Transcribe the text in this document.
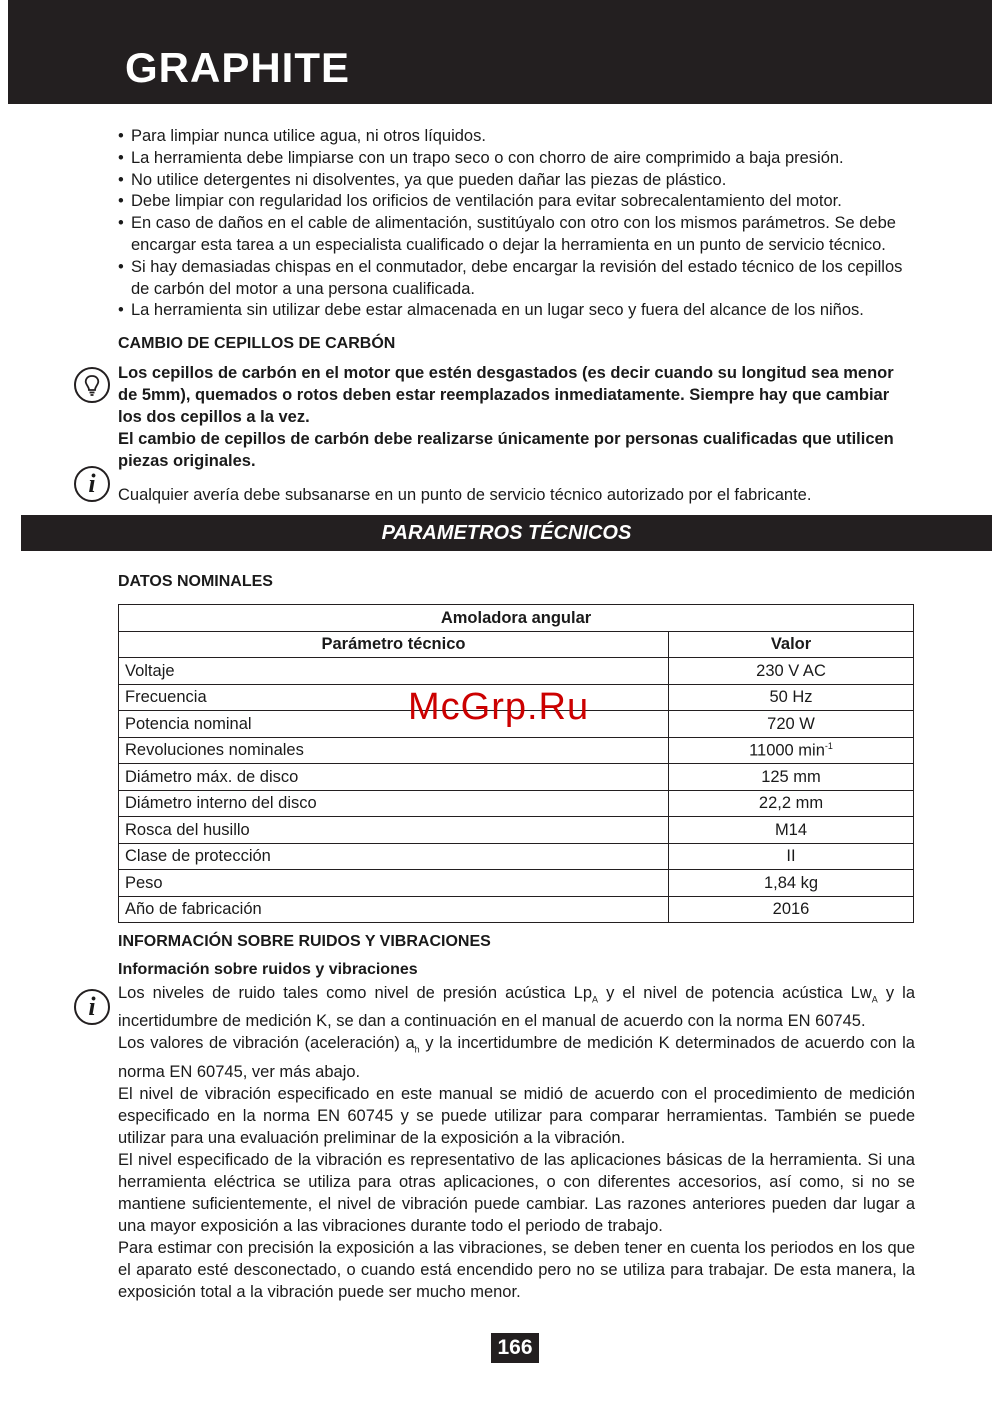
GRAPHITE
• Para limpiar nunca utilice agua, ni otros líquidos.
• La herramienta debe limpiarse con un trapo seco o con chorro de aire comprimido a baja presión.
• No utilice detergentes ni disolventes, ya que pueden dañar las piezas de plástico.
• Debe limpiar con regularidad los orificios de ventilación para evitar sobrecalentamiento del motor.
• En caso de daños en el cable de alimentación, sustitúyalo con otro con los mismos parámetros. Se debe encargar esta tarea a un especialista cualificado o dejar la herramienta en un punto de servicio técnico.
• Si hay demasiadas chispas en el conmutador, debe encargar la revisión del estado técnico de los cepillos de carbón del motor a una persona cualificada.
• La herramienta sin utilizar debe estar almacenada en un lugar seco y fuera del alcance de los niños.
CAMBIO DE CEPILLOS DE CARBÓN
Los cepillos de carbón en el motor que estén desgastados (es decir cuando su longitud sea menor de 5mm), quemados o rotos deben estar reemplazados inmediatamente. Siempre hay que cambiar los dos cepillos a la vez.
El cambio de cepillos de carbón debe realizarse únicamente por personas cualificadas que utilicen piezas originales.
i Cualquier avería debe subsanarse en un punto de servicio técnico autorizado por el fabricante.
PARAMETROS TÉCNICOS
DATOS NOMINALES
Amoladora angular	
Parámetro técnico	Valor
Voltaje	230 V AC
Frecuencia	50 Hz
Potencia nominal	720 W
Revoluciones nominales	11000 $\min^{-1}$
Diámetro máx. de disco	125 mm
Diámetro interno del disco	22,2 mm
Rosca del husillo	M14
Clase de protección	II
Peso	1,84 kg
Año de fabricación	2016
McGrp.Ru
INFORMACIÓN SOBRE RUIDOS Y VIBRACIONES
Información sobre ruidos y vibraciones
i Los niveles de ruido tales como nivel de presión acústica $Lp_A$ y el nivel de potencia acústica $Lw_A$ y la incertidumbre de medición K, se dan a continuación en el manual de acuerdo con la norma EN 60745.
Los valores de vibración (aceleración) $a_h$ y la incertidumbre de medición K determinados de acuerdo con la norma EN 60745, ver más abajo.
El nivel de vibración especificado en este manual se midió de acuerdo con el procedimiento de medición especificado en la norma EN 60745 y se puede utilizar para comparar herramientas. También se puede utilizar para una evaluación preliminar de la exposición a la vibración.
El nivel especificado de la vibración es representativo de las aplicaciones básicas de la herramienta. Si una herramienta eléctrica se utiliza para otras aplicaciones, o con diferentes accesorios, así como, si no se mantiene suficientemente, el nivel de vibración puede cambiar. Las razones anteriores pueden dar lugar a una mayor exposición a las vibraciones durante todo el periodo de trabajo.
Para estimar con precisión la exposición a las vibraciones, se deben tener en cuenta los periodos en los que el aparato esté desconectado, o cuando está encendido pero no se utiliza para trabajar. De esta manera, la exposición total a la vibración puede ser mucho menor.
166
